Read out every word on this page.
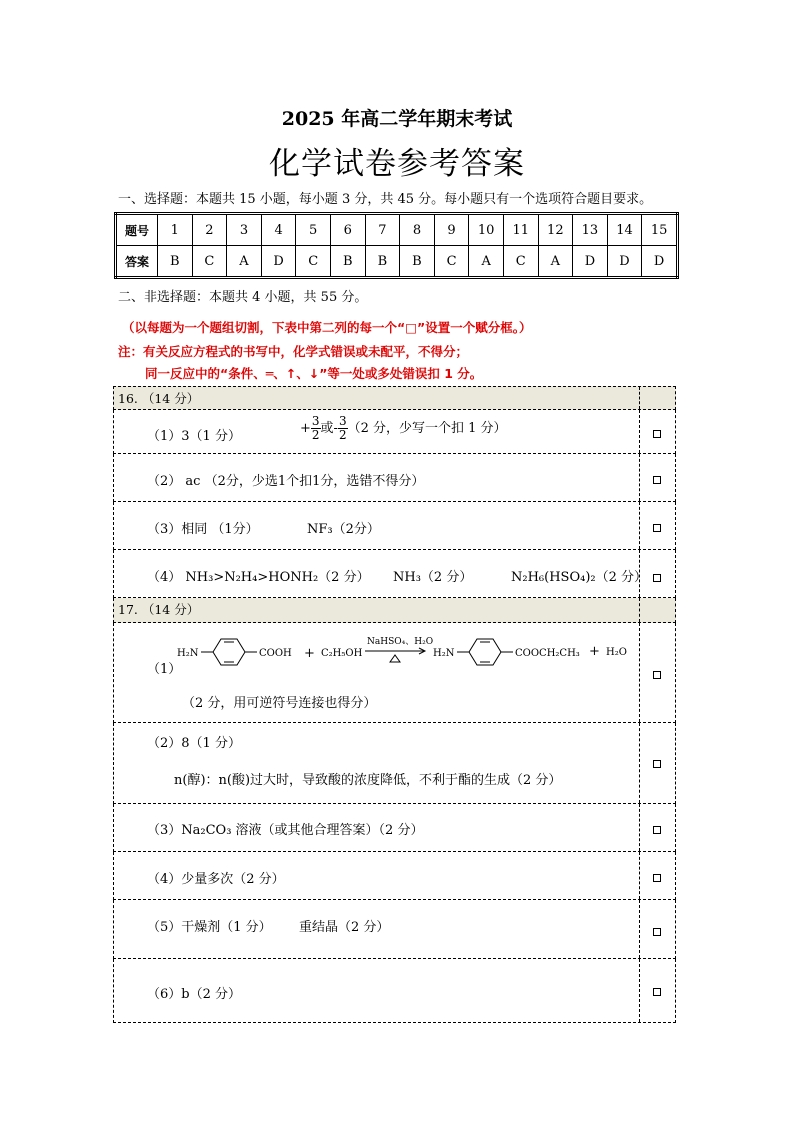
2025 年高二学年期末考试
化学试卷参考答案
一、选择题：本题共 15 小题，每小题 3 分，共 45 分。每小题只有一个选项符合题目要求。
题号	1	2	3	4	5	6	7	8	9	10	11	12	13	14	15
答案	B	C	A	D	C	B	B	B	C	A	C	A	D	D	D
二、非选择题：本题共 4 小题，共 55 分。
（以每题为一个题组切割，下表中第二列的每一个“□”设置一个赋分框。）
注：有关反应方程式的书写中，化学式错误或未配平，不得分；
同一反应中的“条件、═、↑、↓”等一处或多处错误扣 1 分。
16. （14 分）
（1）3（1 分）
+ $\frac{3}{2}$ 或- $\frac{3}{2} (2$ 分，少写一个扣 1 分）
（2） ac （2分，少选1个扣1分，选错不得分）
（3）相同 （1分）	NF₃（2分）
（4） NH₃>N₂H₄>HONH₂（2 分） NH₃（2 分）	N₂H₆(HSO₄)₂（2 分）
17. （14 分）
（1）
H₂N	COOH + C₂H₅OH
NaHSO₄、H₂O
H₂N	COOCH₂CH₃ + H₂O
（2 分，用可逆符号连接也得分）
（2）8（1 分）
n(醇)：n(酸)过大时，导致酸的浓度降低，不利于酯的生成（2 分）
（3）Na₂CO₃ 溶液（或其他合理答案）（2 分）
（4）少量多次（2 分）
（5）干燥剂（1 分） 重结晶（2 分）
（6）b（2 分）
